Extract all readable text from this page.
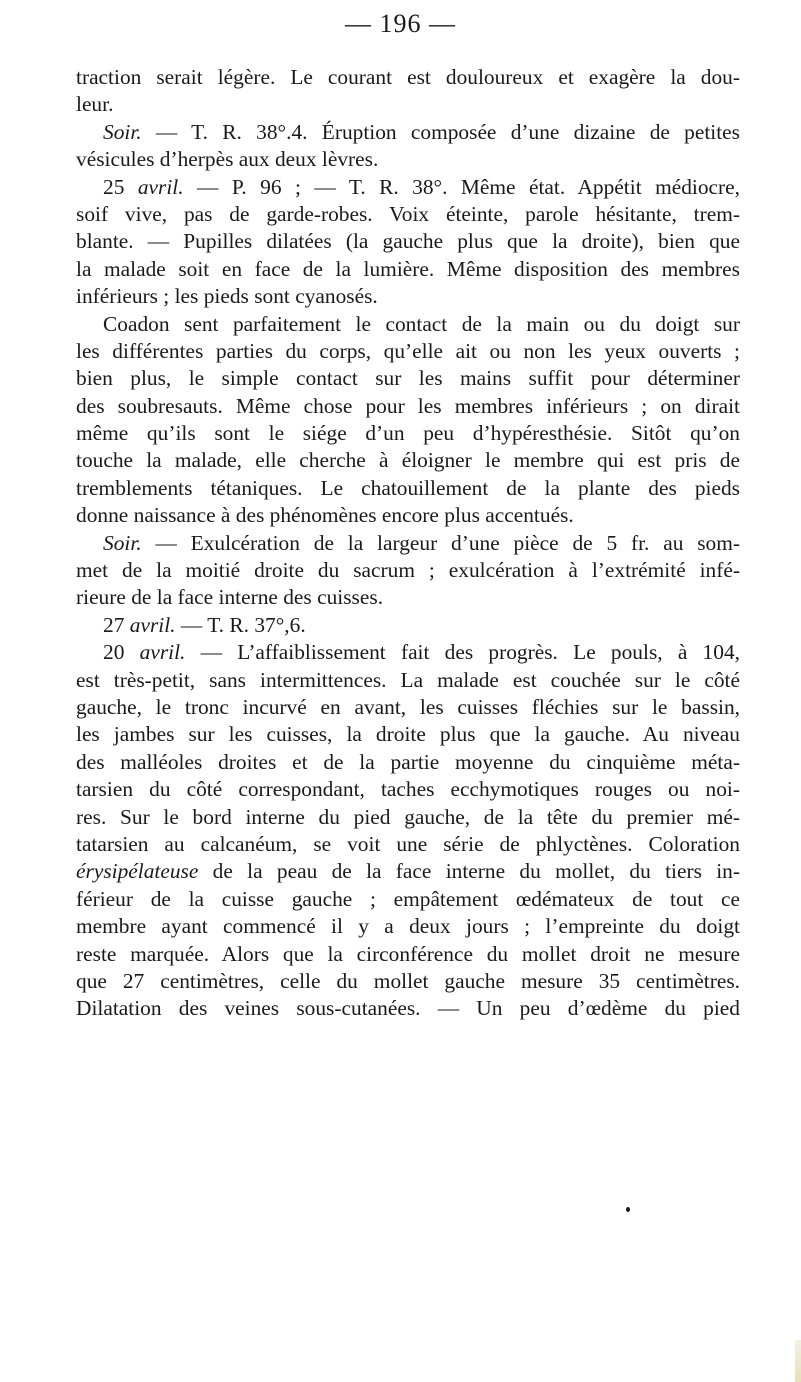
— 196 —
traction serait légère. Le courant est douloureux et exagère la dou-
leur.
Soir. — T. R. 38°.4. Éruption composée d’une dizaine de petites
vésicules d’herpès aux deux lèvres.
25 avril. — P. 96 ; — T. R. 38°. Même état. Appétit médiocre,
soif vive, pas de garde-robes. Voix éteinte, parole hésitante, trem-
blante. — Pupilles dilatées (la gauche plus que la droite), bien que
la malade soit en face de la lumière. Même disposition des membres
inférieurs ; les pieds sont cyanosés.
Coadon sent parfaitement le contact de la main ou du doigt sur
les différentes parties du corps, qu’elle ait ou non les yeux ouverts ;
bien plus, le simple contact sur les mains suffit pour déterminer
des soubresauts. Même chose pour les membres inférieurs ; on dirait
même qu’ils sont le siége d’un peu d’hypéresthésie. Sitôt qu’on
touche la malade, elle cherche à éloigner le membre qui est pris de
tremblements tétaniques. Le chatouillement de la plante des pieds
donne naissance à des phénomènes encore plus accentués.
Soir. — Exulcération de la largeur d’une pièce de 5 fr. au som-
met de la moitié droite du sacrum ; exulcération à l’extrémité infé-
rieure de la face interne des cuisses.
27 avril. — T. R. 37°,6.
20 avril. — L’affaiblissement fait des progrès. Le pouls, à 104,
est très-petit, sans intermittences. La malade est couchée sur le côté
gauche, le tronc incurvé en avant, les cuisses fléchies sur le bassin,
les jambes sur les cuisses, la droite plus que la gauche. Au niveau
des malléoles droites et de la partie moyenne du cinquième méta-
tarsien du côté correspondant, taches ecchymotiques rouges ou noi-
res. Sur le bord interne du pied gauche, de la tête du premier mé-
tatarsien au calcanéum, se voit une série de phlyctènes. Coloration
érysipélateuse de la peau de la face interne du mollet, du tiers in-
férieur de la cuisse gauche ; empâtement œdémateux de tout ce
membre ayant commencé il y a deux jours ; l’empreinte du doigt
reste marquée. Alors que la circonférence du mollet droit ne mesure
que 27 centimètres, celle du mollet gauche mesure 35 centimètres.
Dilatation des veines sous-cutanées. — Un peu d’œdème du pied
